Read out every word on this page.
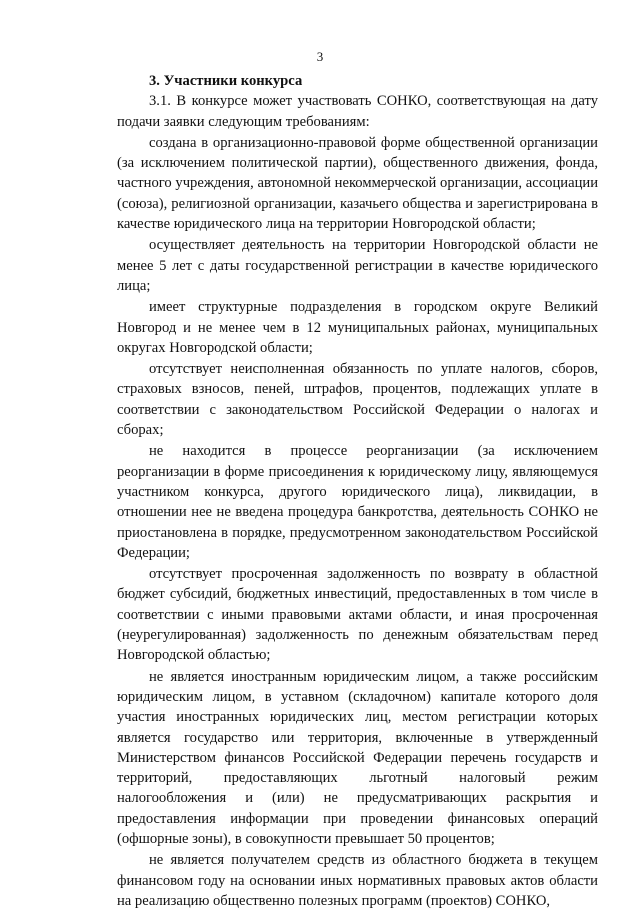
3

3. Участники конкурса

3.1. В конкурсе может участвовать СОНКО, соответствующая на дату подачи заявки следующим требованиям:

создана в организационно-правовой форме общественной организации (за исключением политической партии), общественного движения, фонда, частного учреждения, автономной некоммерческой организации, ассоциации (союза), религиозной организации, казачьего общества и зарегистрирована в качестве юридического лица на территории Новгородской области;

осуществляет деятельность на территории Новгородской области не менее 5 лет с даты государственной регистрации в качестве юридического лица;

имеет структурные подразделения в городском округе Великий Новгород и не менее чем в 12 муниципальных районах, муниципальных округах Новгородской области;

отсутствует неисполненная обязанность по уплате налогов, сборов, страховых взносов, пеней, штрафов, процентов, подлежащих уплате в соответствии с законодательством Российской Федерации о налогах и сборах;

не находится в процессе реорганизации (за исключением реорганизации в форме присоединения к юридическому лицу, являющемуся участником конкурса, другого юридического лица), ликвидации, в отношении нее не введена процедура банкротства, деятельность СОНКО не приостановлена в порядке, предусмотренном законодательством Российской Федерации;

отсутствует просроченная задолженность по возврату в областной бюджет субсидий, бюджетных инвестиций, предоставленных в том числе в соответствии с иными правовыми актами области, и иная просроченная (неурегулированная) задолженность по денежным обязательствам перед Новгородской областью;

не является иностранным юридическим лицом, а также российским юридическим лицом, в уставном (складочном) капитале которого доля участия иностранных юридических лиц, местом регистрации которых является государство или территория, включенные в утвержденный Министерством финансов Российской Федерации перечень государств и территорий, предоставляющих льготный налоговый режим налогообложения и (или) не предусматривающих раскрытия и предоставления информации при проведении финансовых операций (офшорные зоны), в совокупности превышает 50 процентов;

не является получателем средств из областного бюджета в текущем финансовом году на основании иных нормативных правовых актов области на реализацию общественно полезных программ (проектов) СОНКО,
